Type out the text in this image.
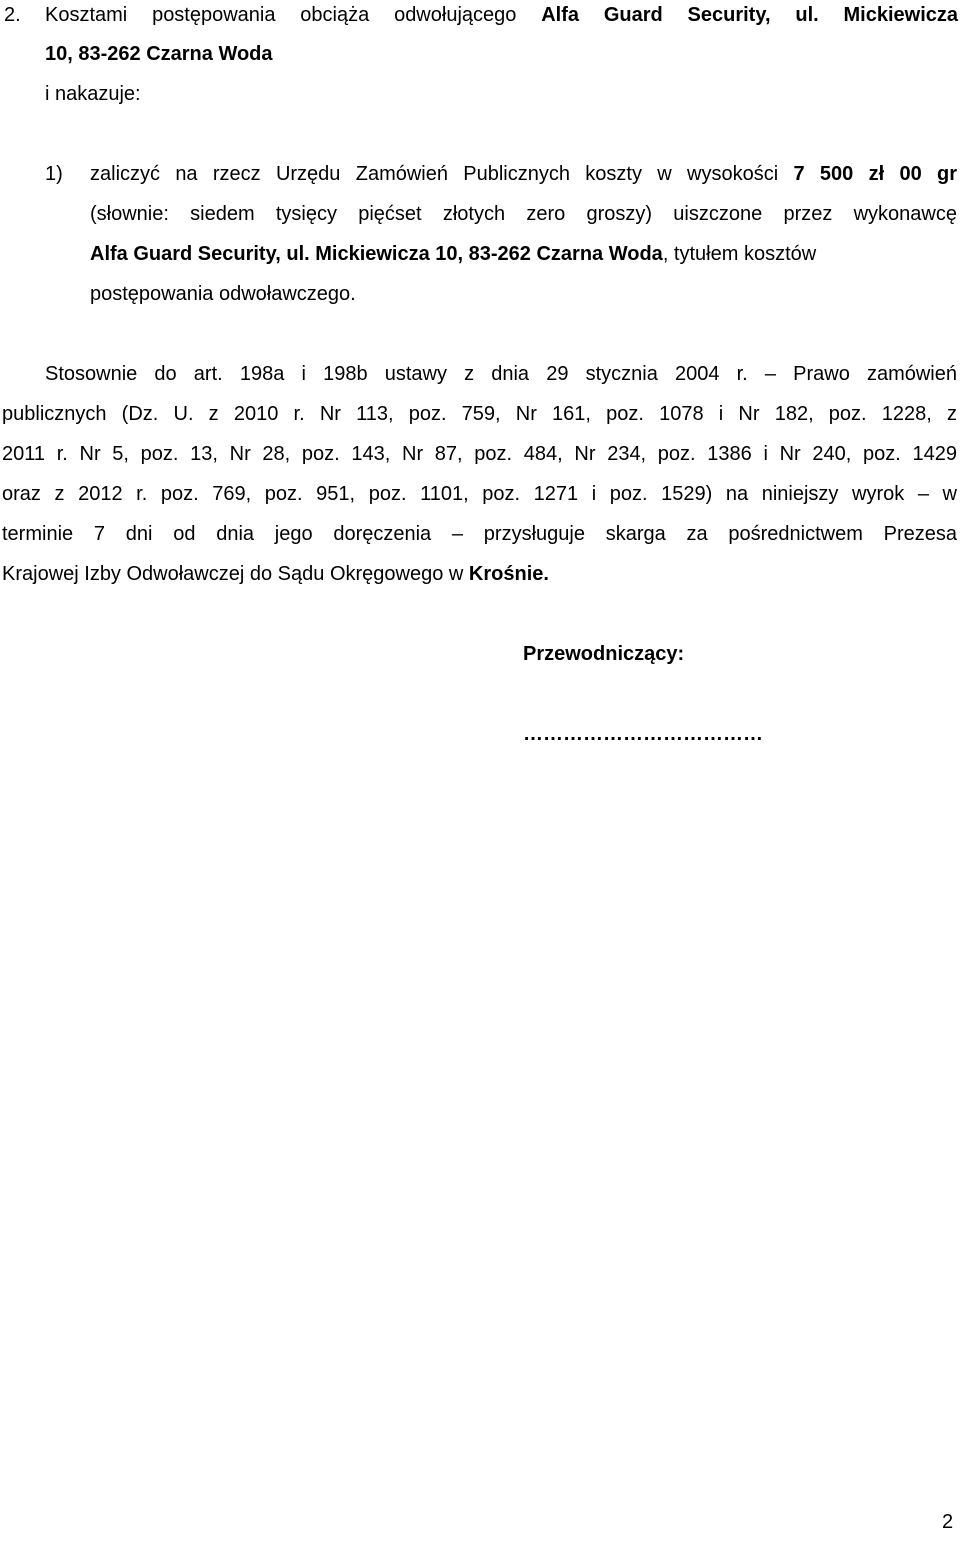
2. Kosztami postępowania obciąża odwołującego Alfa Guard Security, ul. Mickiewicza
10, 83-262 Czarna Woda
i nakazuje:
1) zaliczyć na rzecz Urzędu Zamówień Publicznych koszty w wysokości 7 500 zł 00 gr
(słownie: siedem tysięcy pięćset złotych zero groszy) uiszczone przez wykonawcę
Alfa Guard Security, ul. Mickiewicza 10, 83-262 Czarna Woda, tytułem kosztów
postępowania odwoławczego.
Stosownie do art. 198a i 198b ustawy z dnia 29 stycznia 2004 r. – Prawo zamówień
publicznych (Dz. U. z 2010 r. Nr 113, poz. 759, Nr 161, poz. 1078 i Nr 182, poz. 1228, z
2011 r. Nr 5, poz. 13, Nr 28, poz. 143, Nr 87, poz. 484, Nr 234, poz. 1386 i Nr 240, poz. 1429
oraz z 2012 r. poz. 769, poz. 951, poz. 1101, poz. 1271 i poz. 1529) na niniejszy wyrok – w
terminie 7 dni od dnia jego doręczenia – przysługuje skarga za pośrednictwem Prezesa
Krajowej Izby Odwoławczej do Sądu Okręgowego w Krośnie.
Przewodniczący:
………………………………
2
